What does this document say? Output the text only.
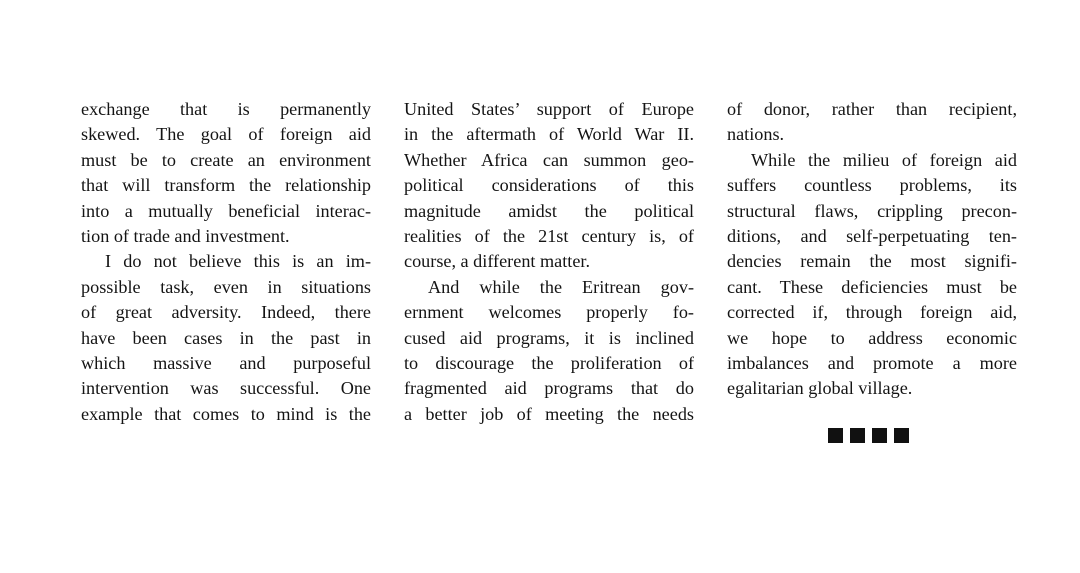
exchange that is permanently
skewed. The goal of foreign aid
must be to create an environment
that will transform the relationship
into a mutually beneficial interac-
tion of trade and investment.
I do not believe this is an im-
possible task, even in situations
of great adversity. Indeed, there
have been cases in the past in
which massive and purposeful
intervention was successful. One
example that comes to mind is the
United States’ support of Europe
in the aftermath of World War II.
Whether Africa can summon geo-
political considerations of this
magnitude amidst the political
realities of the 21st century is, of
course, a different matter.
And while the Eritrean gov-
ernment welcomes properly fo-
cused aid programs, it is inclined
to discourage the proliferation of
fragmented aid programs that do
a better job of meeting the needs
of donor, rather than recipient,
nations.
While the milieu of foreign aid
suffers countless problems, its
structural flaws, crippling precon-
ditions, and self-perpetuating ten-
dencies remain the most signifi-
cant. These deficiencies must be
corrected if, through foreign aid,
we hope to address economic
imbalances and promote a more
egalitarian global village.
